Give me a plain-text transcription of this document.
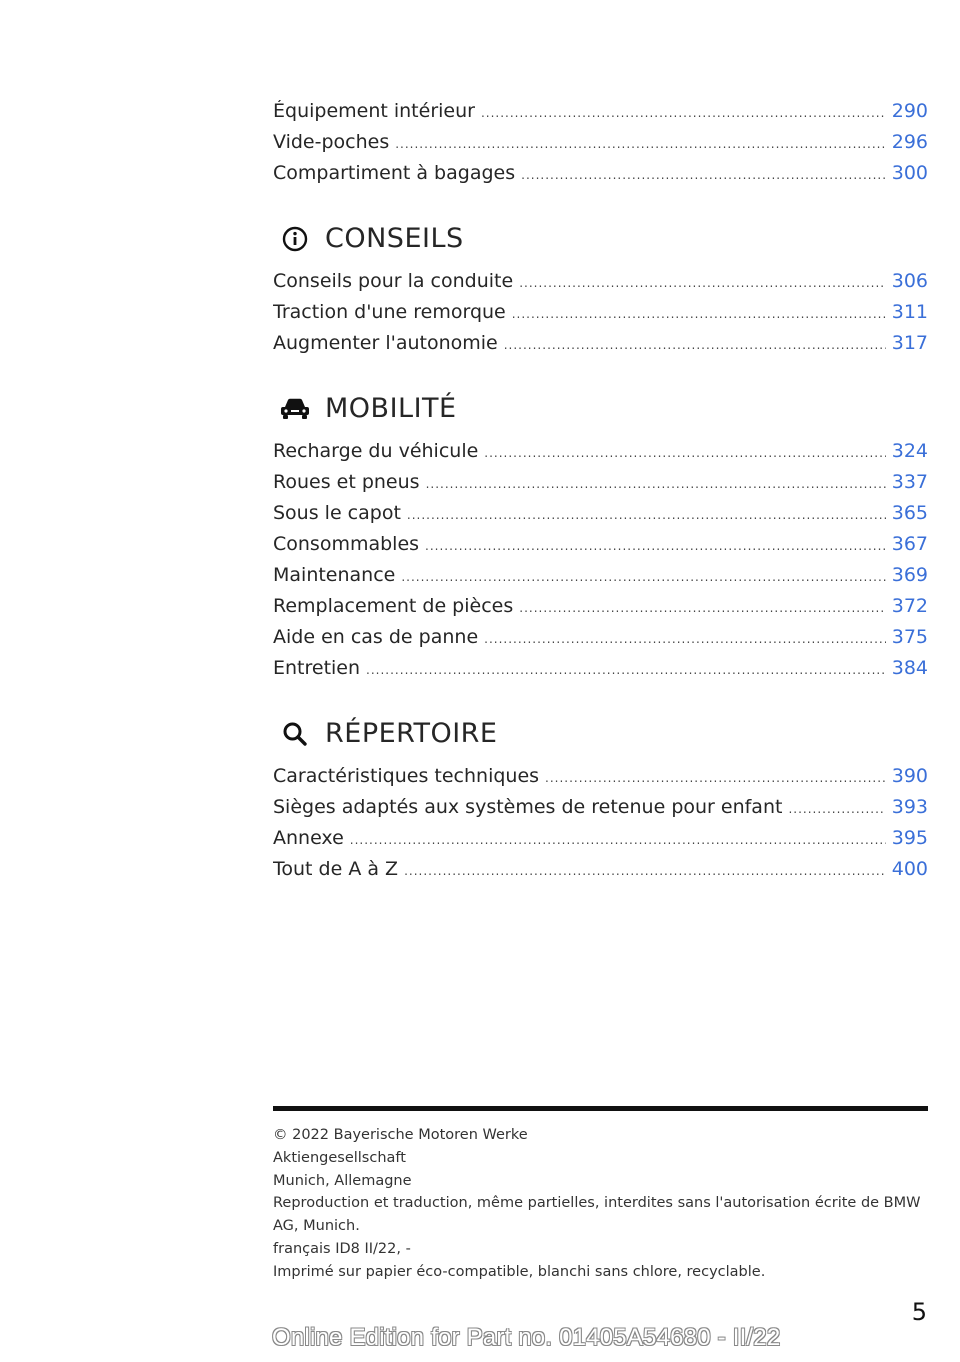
Équipement intérieur .....	290
Vide-poches .....	296
Compartiment à bagages .....	300
CONSEILS
Conseils pour la conduite .....	306
Traction d'une remorque .....	311
Augmenter l'autonomie .....	317
MOBILITÉ
Recharge du véhicule .....	324
Roues et pneus .....	337
Sous le capot .....	365
Consommables .....	367
Maintenance .....	369
Remplacement de pièces .....	372
Aide en cas de panne .....	375
Entretien .....	384
RÉPERTOIRE
Caractéristiques techniques .....	390
Sièges adaptés aux systèmes de retenue pour enfant .....	393
Annexe .....	395
Tout de A à Z .....	400
© 2022 Bayerische Motoren Werke
Aktiengesellschaft
Munich, Allemagne
Reproduction et traduction, même partielles, interdites sans l'autorisation écrite de BMW AG, Munich.
français ID8 II/22, -
Imprimé sur papier éco-compatible, blanchi sans chlore, recyclable.
5
Online Edition for Part no. 01405A54680 - II/22
